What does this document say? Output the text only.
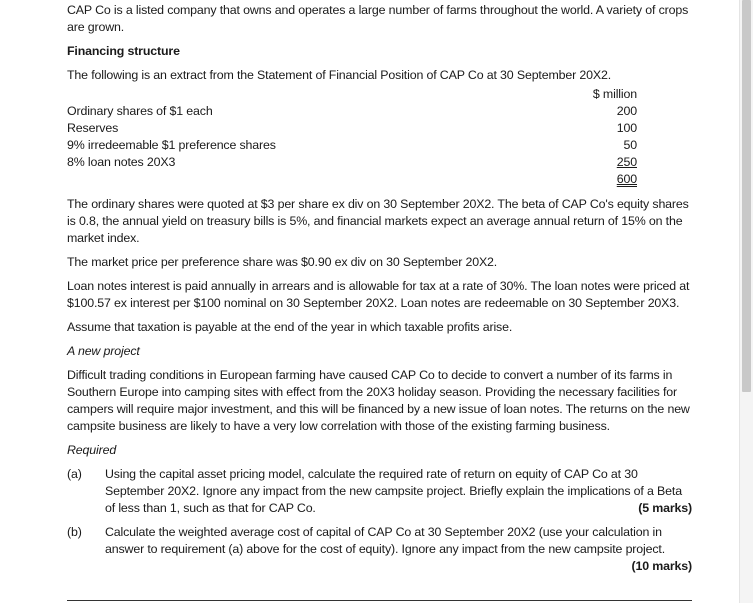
CAP Co is a listed company that owns and operates a large number of farms throughout the world. A variety of crops are grown.

Financing structure

The following is an extract from the Statement of Financial Position of CAP Co at 30 September 20X2.

	$ million
Ordinary shares of $1 each	200
Reserves	100
9% irredeemable $1 preference shares	50
8% loan notes 20X3	250
	600

The ordinary shares were quoted at $3 per share ex div on 30 September 20X2. The beta of CAP Co's equity shares is 0.8, the annual yield on treasury bills is 5%, and financial markets expect an average annual return of 15% on the market index.

The market price per preference share was $0.90 ex div on 30 September 20X2.

Loan notes interest is paid annually in arrears and is allowable for tax at a rate of 30%. The loan notes were priced at $100.57 ex interest per $100 nominal on 30 September 20X2. Loan notes are redeemable on 30 September 20X3.

Assume that taxation is payable at the end of the year in which taxable profits arise.

A new project

Difficult trading conditions in European farming have caused CAP Co to decide to convert a number of its farms in Southern Europe into camping sites with effect from the 20X3 holiday season. Providing the necessary facilities for campers will require major investment, and this will be financed by a new issue of loan notes. The returns on the new campsite business are likely to have a very low correlation with those of the existing farming business.

Required
(a)	Using the capital asset pricing model, calculate the required rate of return on equity of CAP Co at 30 September 20X2. Ignore any impact from the new campsite project. Briefly explain the implications of a Beta of less than 1, such as that for CAP Co.	(5 marks)
(b)	Calculate the weighted average cost of capital of CAP Co at 30 September 20X2 (use your calculation in answer to requirement (a) above for the cost of equity). Ignore any impact from the new campsite project.
(10 marks)
